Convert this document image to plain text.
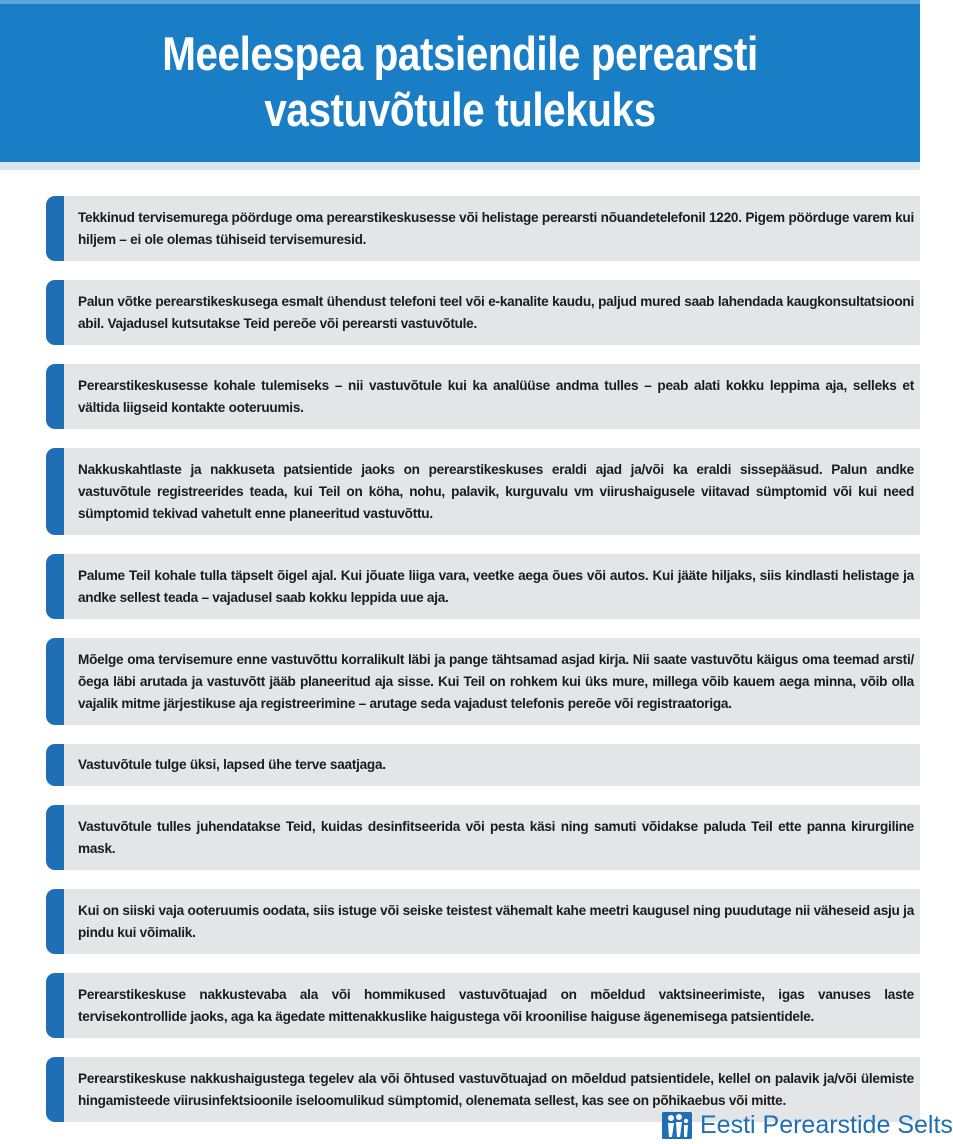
Meelespea patsiendile perearsti
vastuvõtule tulekuks
Tekkinud tervisemurega pöörduge oma perearstikeskusesse või helistage perearsti nõuandetelefonil 1220. Pigem pöörduge varem kui hiljem – ei ole olemas tühiseid tervisemuresid.
Palun võtke perearstikeskusega esmalt ühendust telefoni teel või e-kanalite kaudu, paljud mured saab lahendada kaugkonsultatsiooni abil. Vajadusel kutsutakse Teid pereõe või perearsti vastuvõtule.
Perearstikeskusesse kohale tulemiseks – nii vastuvõtule kui ka analüüse andma tulles – peab alati kokku leppima aja, selleks et vältida liigseid kontakte ooteruumis.
Nakkuskahtlaste ja nakkuseta patsientide jaoks on perearstikeskuses eraldi ajad ja/või ka eraldi sissepääsud. Palun andke vastuvõtule registreerides teada, kui Teil on köha, nohu, palavik, kurguvalu vm viirushaigusele viitavad sümptomid või kui need sümptomid tekivad vahetult enne planeeritud vastuvõttu.
Palume Teil kohale tulla täpselt õigel ajal. Kui jõuate liiga vara, veetke aega õues või autos. Kui jääte hiljaks, siis kindlasti helistage ja andke sellest teada – vajadusel saab kokku leppida uue aja.
Mõelge oma tervisemure enne vastuvõttu korralikult läbi ja pange tähtsamad asjad kirja. Nii saate vastuvõtu käigus oma teemad arsti/õega läbi arutada ja vastuvõtt jääb planeeritud aja sisse. Kui Teil on rohkem kui üks mure, millega võib kauem aega minna, võib olla vajalik mitme järjestikuse aja registreerimine – arutage seda vajadust telefonis pereõe või registraatoriga.
Vastuvõtule tulge üksi, lapsed ühe terve saatjaga.
Vastuvõtule tulles juhendatakse Teid, kuidas desinfitseerida või pesta käsi ning samuti võidakse paluda Teil ette panna kirurgiline mask.
Kui on siiski vaja ooteruumis oodata, siis istuge või seiske teistest vähemalt kahe meetri kaugusel ning puudutage nii väheseid asju ja pindu kui võimalik.
Perearstikeskuse nakkustevaba ala või hommikused vastuvõtuajad on mõeldud vaktsineerimiste, igas vanuses laste tervisekontrollide jaoks, aga ka ägedate mittenakkuslike haigustega või kroonilise haiguse ägenemisega patsientidele.
Perearstikeskuse nakkushaigustega tegelev ala või õhtused vastuvõtuajad on mõeldud patsientidele, kellel on palavik ja/või ülemiste hingamisteede viirusinfektsioonile iseloomulikud sümptomid, olenemata sellest, kas see on põhikaebus või mitte.
Eesti Perearstide Selts
